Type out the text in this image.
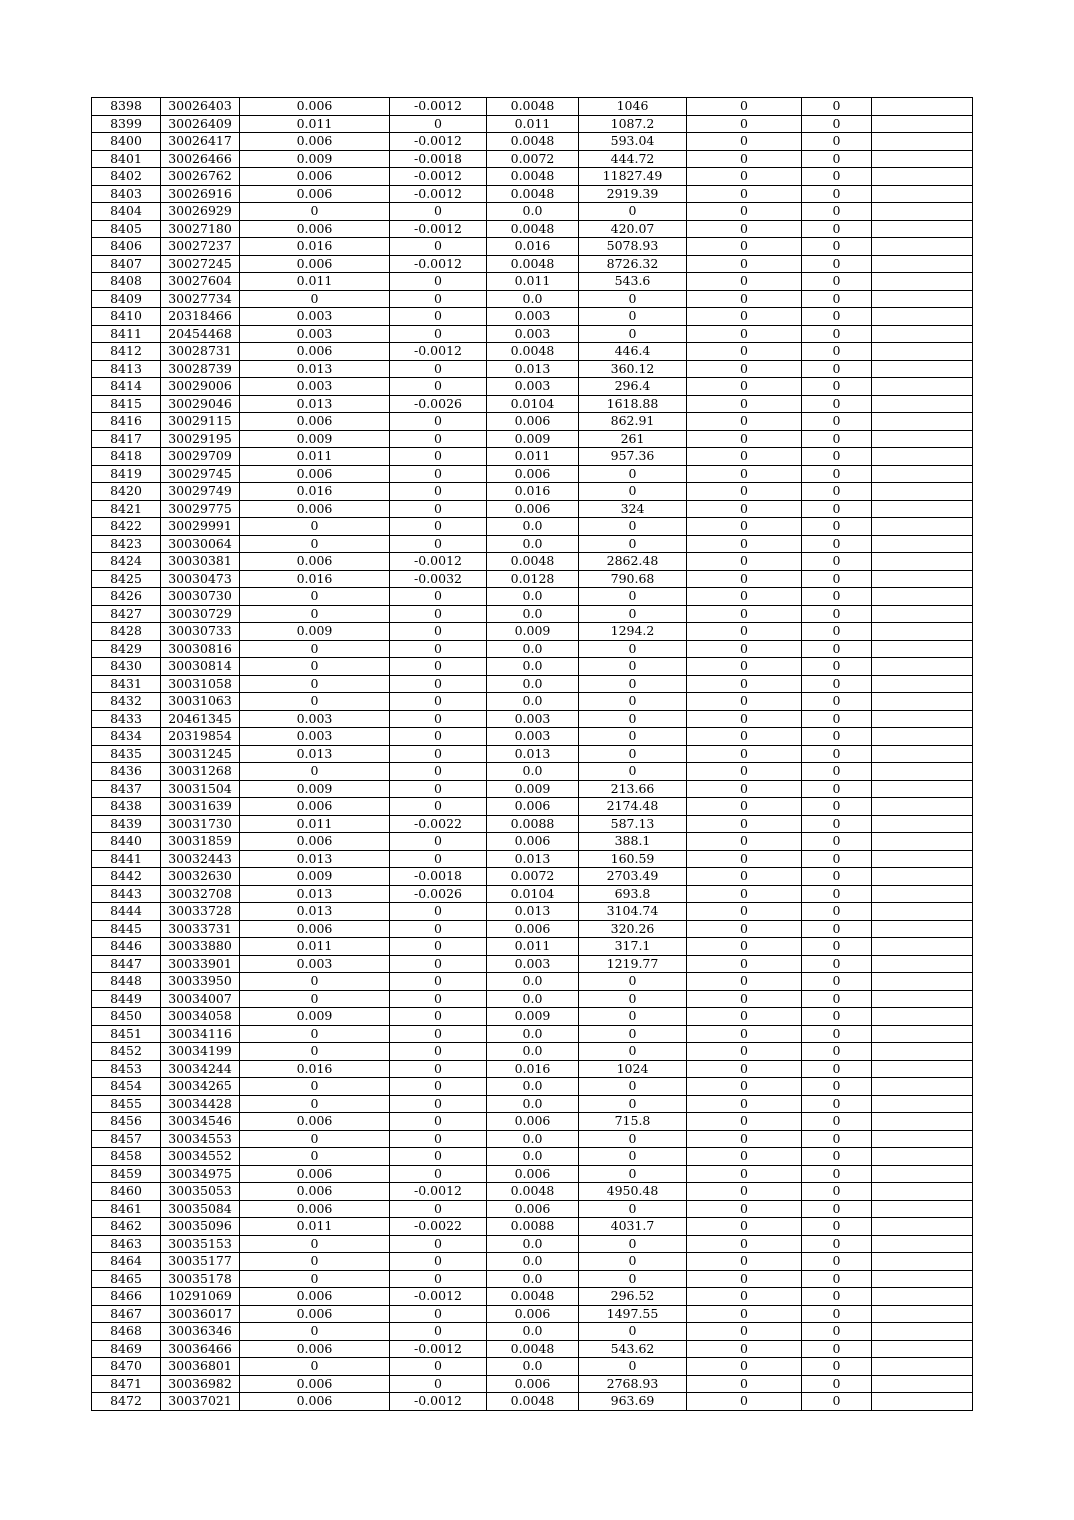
8398	30026403	0.006	-0.0012	0.0048	1046	0	0	
8399	30026409	0.011	0	0.011	1087.2	0	0	
8400	30026417	0.006	-0.0012	0.0048	593.04	0	0	
8401	30026466	0.009	-0.0018	0.0072	444.72	0	0	
8402	30026762	0.006	-0.0012	0.0048	11827.49	0	0	
8403	30026916	0.006	-0.0012	0.0048	2919.39	0	0	
8404	30026929	0	0	0.0	0	0	0	
8405	30027180	0.006	-0.0012	0.0048	420.07	0	0	
8406	30027237	0.016	0	0.016	5078.93	0	0	
8407	30027245	0.006	-0.0012	0.0048	8726.32	0	0	
8408	30027604	0.011	0	0.011	543.6	0	0	
8409	30027734	0	0	0.0	0	0	0	
8410	20318466	0.003	0	0.003	0	0	0	
8411	20454468	0.003	0	0.003	0	0	0	
8412	30028731	0.006	-0.0012	0.0048	446.4	0	0	
8413	30028739	0.013	0	0.013	360.12	0	0	
8414	30029006	0.003	0	0.003	296.4	0	0	
8415	30029046	0.013	-0.0026	0.0104	1618.88	0	0	
8416	30029115	0.006	0	0.006	862.91	0	0	
8417	30029195	0.009	0	0.009	261	0	0	
8418	30029709	0.011	0	0.011	957.36	0	0	
8419	30029745	0.006	0	0.006	0	0	0	
8420	30029749	0.016	0	0.016	0	0	0	
8421	30029775	0.006	0	0.006	324	0	0	
8422	30029991	0	0	0.0	0	0	0	
8423	30030064	0	0	0.0	0	0	0	
8424	30030381	0.006	-0.0012	0.0048	2862.48	0	0	
8425	30030473	0.016	-0.0032	0.0128	790.68	0	0	
8426	30030730	0	0	0.0	0	0	0	
8427	30030729	0	0	0.0	0	0	0	
8428	30030733	0.009	0	0.009	1294.2	0	0	
8429	30030816	0	0	0.0	0	0	0	
8430	30030814	0	0	0.0	0	0	0	
8431	30031058	0	0	0.0	0	0	0	
8432	30031063	0	0	0.0	0	0	0	
8433	20461345	0.003	0	0.003	0	0	0	
8434	20319854	0.003	0	0.003	0	0	0	
8435	30031245	0.013	0	0.013	0	0	0	
8436	30031268	0	0	0.0	0	0	0	
8437	30031504	0.009	0	0.009	213.66	0	0	
8438	30031639	0.006	0	0.006	2174.48	0	0	
8439	30031730	0.011	-0.0022	0.0088	587.13	0	0	
8440	30031859	0.006	0	0.006	388.1	0	0	
8441	30032443	0.013	0	0.013	160.59	0	0	
8442	30032630	0.009	-0.0018	0.0072	2703.49	0	0	
8443	30032708	0.013	-0.0026	0.0104	693.8	0	0	
8444	30033728	0.013	0	0.013	3104.74	0	0	
8445	30033731	0.006	0	0.006	320.26	0	0	
8446	30033880	0.011	0	0.011	317.1	0	0	
8447	30033901	0.003	0	0.003	1219.77	0	0	
8448	30033950	0	0	0.0	0	0	0	
8449	30034007	0	0	0.0	0	0	0	
8450	30034058	0.009	0	0.009	0	0	0	
8451	30034116	0	0	0.0	0	0	0	
8452	30034199	0	0	0.0	0	0	0	
8453	30034244	0.016	0	0.016	1024	0	0	
8454	30034265	0	0	0.0	0	0	0	
8455	30034428	0	0	0.0	0	0	0	
8456	30034546	0.006	0	0.006	715.8	0	0	
8457	30034553	0	0	0.0	0	0	0	
8458	30034552	0	0	0.0	0	0	0	
8459	30034975	0.006	0	0.006	0	0	0	
8460	30035053	0.006	-0.0012	0.0048	4950.48	0	0	
8461	30035084	0.006	0	0.006	0	0	0	
8462	30035096	0.011	-0.0022	0.0088	4031.7	0	0	
8463	30035153	0	0	0.0	0	0	0	
8464	30035177	0	0	0.0	0	0	0	
8465	30035178	0	0	0.0	0	0	0	
8466	10291069	0.006	-0.0012	0.0048	296.52	0	0	
8467	30036017	0.006	0	0.006	1497.55	0	0	
8468	30036346	0	0	0.0	0	0	0	
8469	30036466	0.006	-0.0012	0.0048	543.62	0	0	
8470	30036801	0	0	0.0	0	0	0	
8471	30036982	0.006	0	0.006	2768.93	0	0	
8472	30037021	0.006	-0.0012	0.0048	963.69	0	0	
